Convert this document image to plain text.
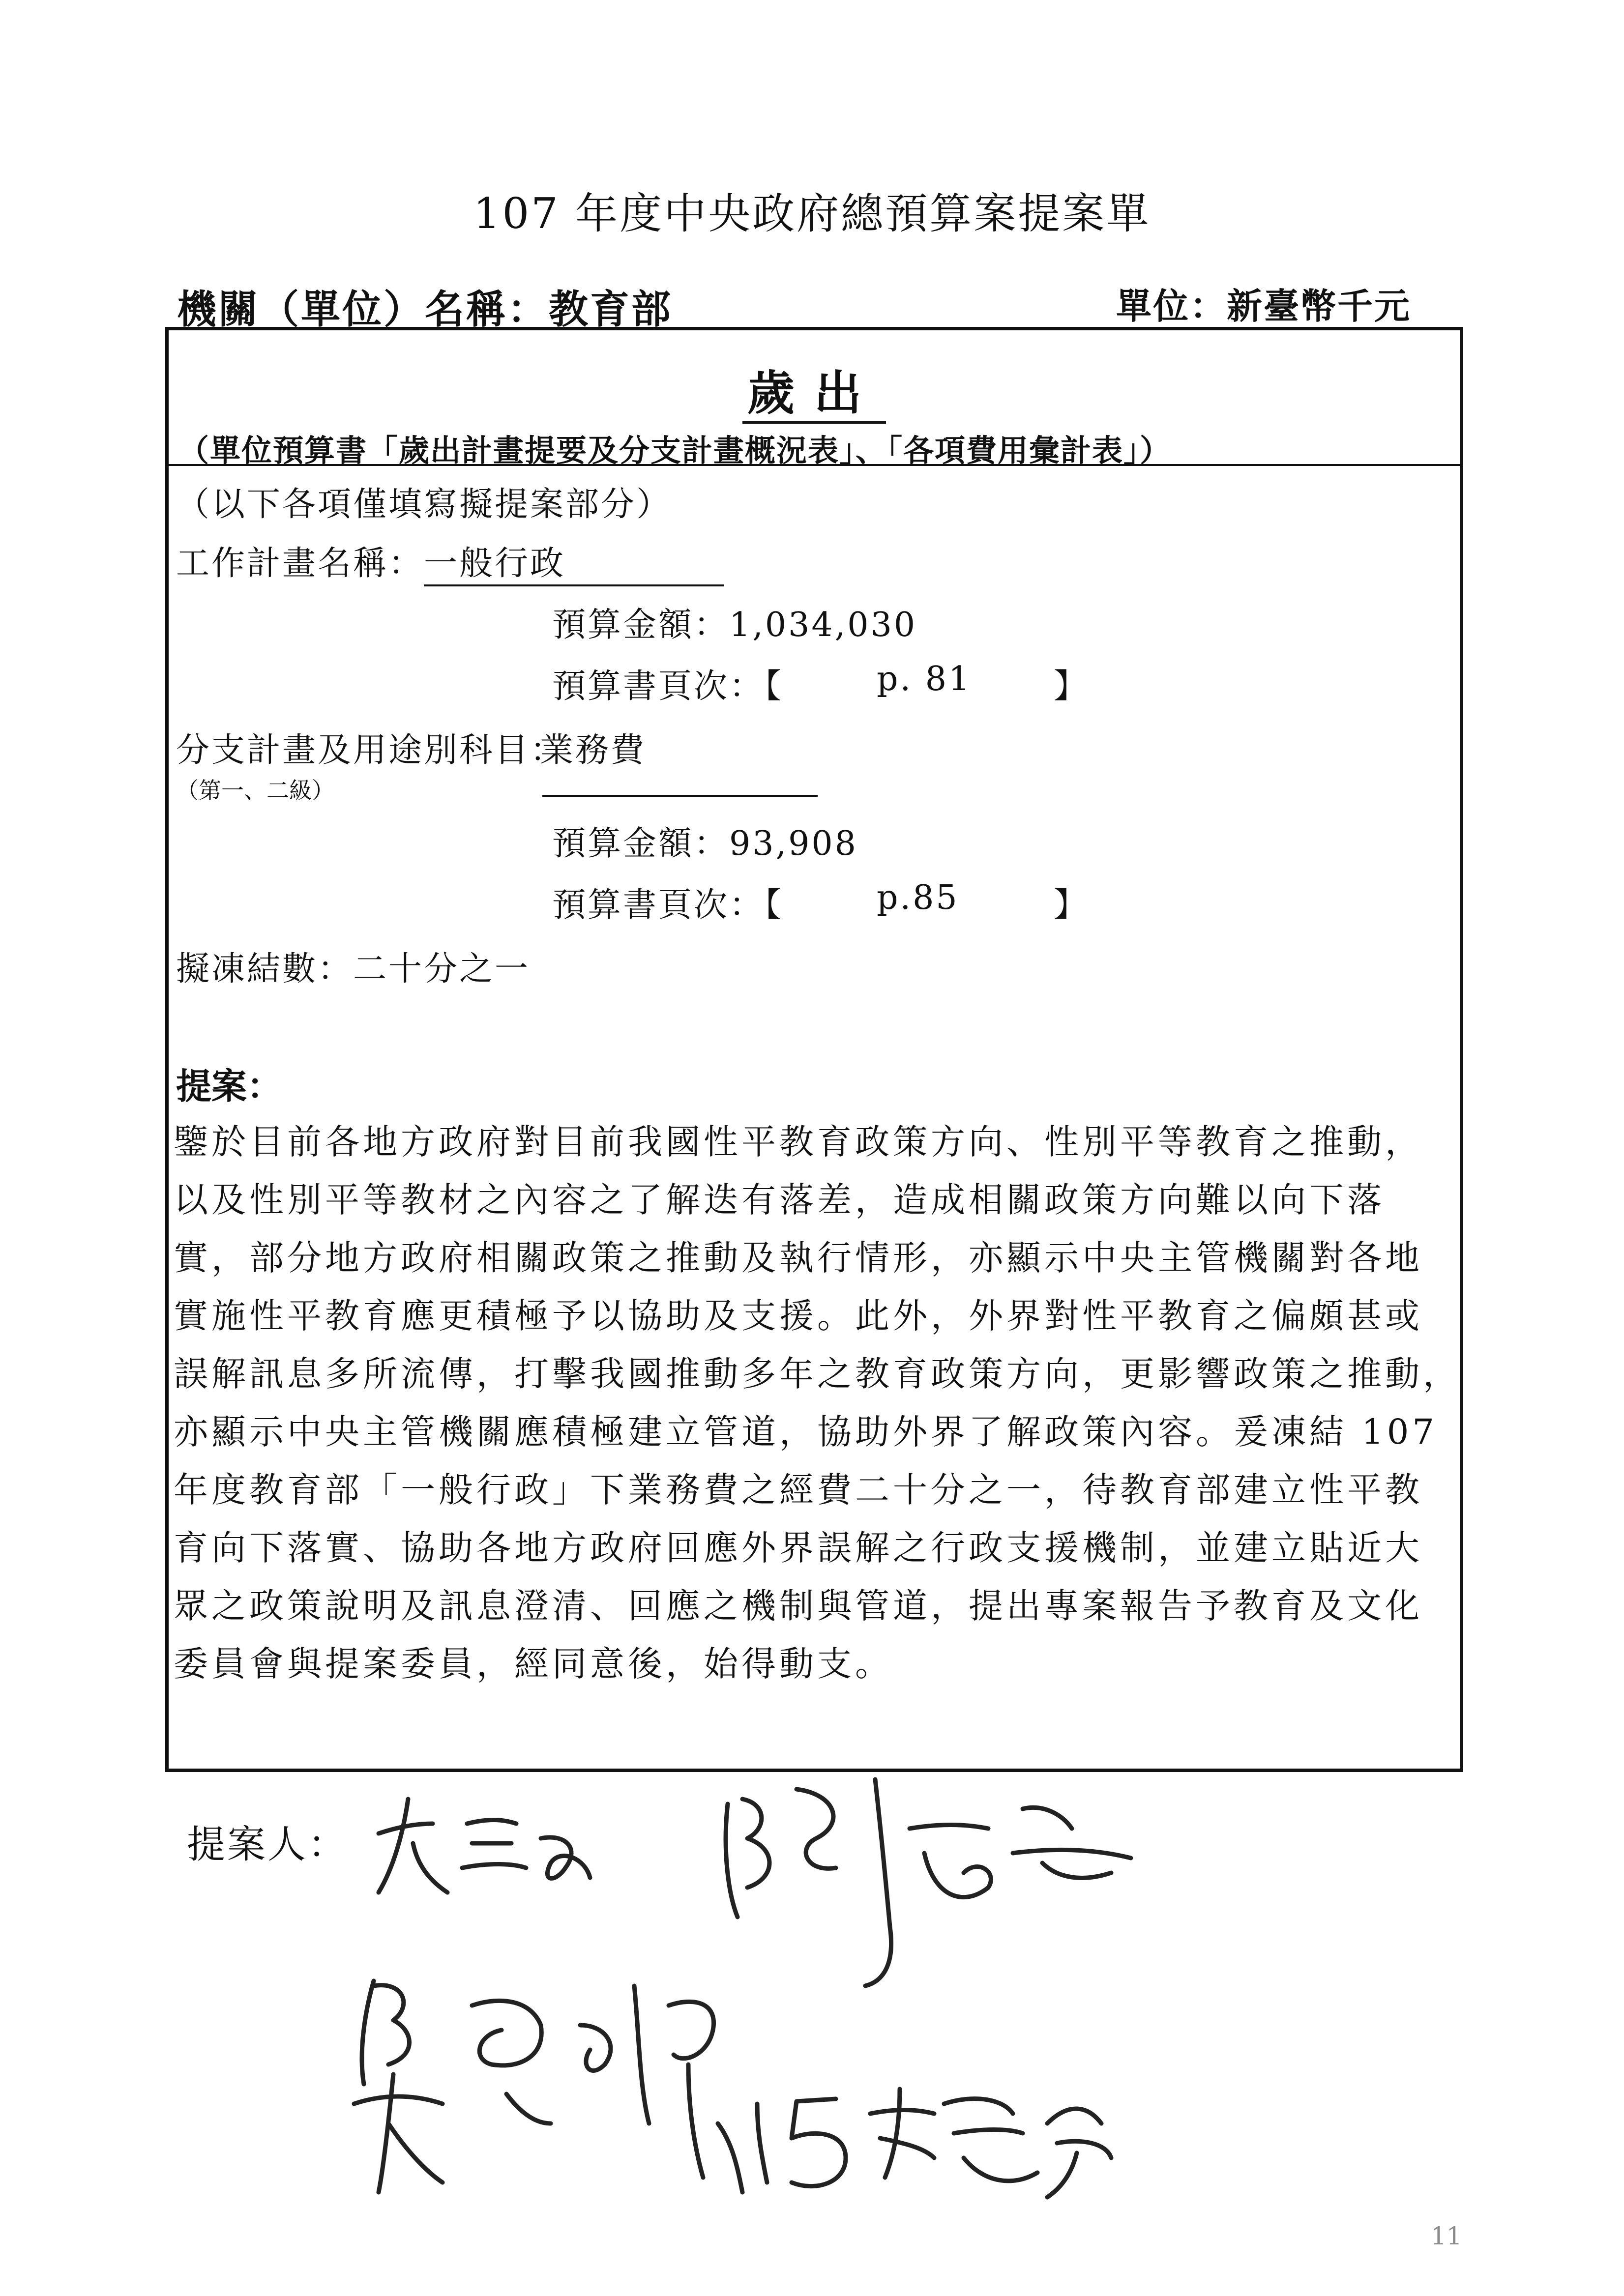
107 年度中央政府總預算案提案單
機關（單位）名稱：教育部	單位：新臺幣千元
歲出
（單位預算書「歲出計畫提要及分支計畫概況表」、「各項費用彙計表」）
（以下各項僅填寫擬提案部分）
工作計畫名稱：一般行政
預算金額：1,034,030
預算書頁次：【	p. 81 】
分支計畫及用途別科目：
業務費
（第一、二級）
預算金額：93,908
預算書頁次：【	p.85	】
擬凍結數：二十分之一
提案：
鑒於目前各地方政府對目前我國性平教育政策方向、性別平等教育之推動，
以及性別平等教材之內容之了解迭有落差，造成相關政策方向難以向下落
實，部分地方政府相關政策之推動及執行情形，亦顯示中央主管機關對各地
實施性平教育應更積極予以協助及支援。此外，外界對性平教育之偏頗甚或
誤解訊息多所流傳，打擊我國推動多年之教育政策方向，更影響政策之推動，
亦顯示中央主管機關應積極建立管道，協助外界了解政策內容。爰凍結 107
年度教育部「一般行政」下業務費之經費二十分之一，待教育部建立性平教
育向下落實、協助各地方政府回應外界誤解之行政支援機制，並建立貼近大
眾之政策說明及訊息澄清、回應之機制與管道，提出專案報告予教育及文化
委員會與提案委員，經同意後，始得動支。
提案人：
11
